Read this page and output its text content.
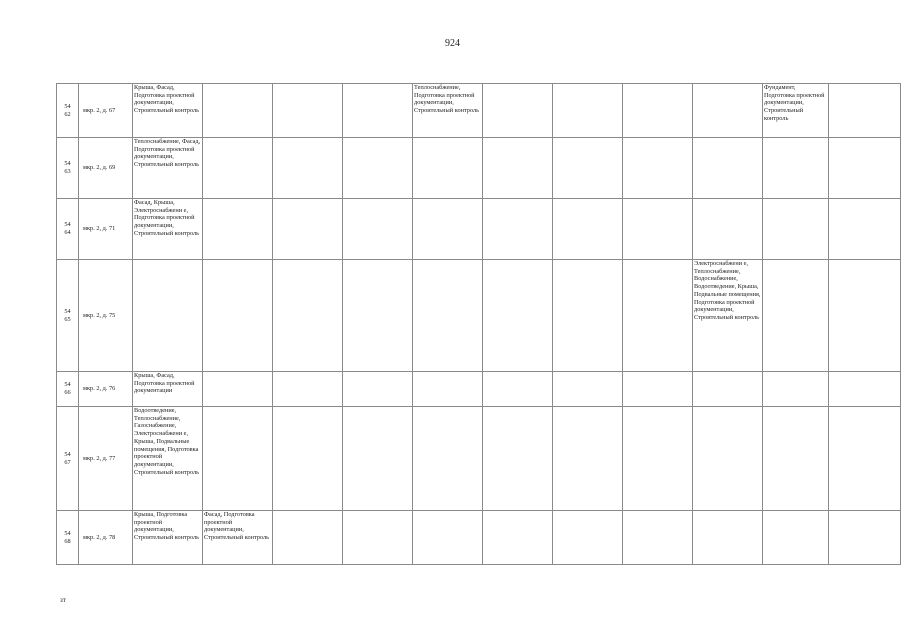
924
54
62	мкр. 2, д. 67	Крыша, Фасад, Подготовка проектной документации, Строительный контроль				Теплоснабжение, Подготовка проектной документации, Строительный контроль					Фундамент, Подготовка проектной документации, Строительный контроль	
54
63	мкр. 2, д. 69	Теплоснабжение, Фасад, Подготовка проектной документации, Строительный контроль										
54
64	мкр. 2, д. 71	Фасад, Крыша, Электроснабжени е, Подготовка проектной документации, Строительный контроль										
54
65	мкр. 2, д. 75									Электроснабжени е, Теплоснабжение, Водоснабжение, Водоотведение, Крыша, Подвальные помещения, Подготовка проектной документации, Строительный контроль		
54
66	мкр. 2, д. 76	Крыша, Фасад, Подготовка проектной документации										
54
67	мкр. 2, д. 77	Водоотведение, Теплоснабжение, Газоснабжение, Электроснабжени е, Крыша, Подвальные помещения, Подготовка проектной документации, Строительный контроль										
54
68	мкр. 2, д. 78	Крыша, Подготовка проектной документации, Строительный контроль	Фасад, Подготовка проектной документации, Строительный контроль									
зт
